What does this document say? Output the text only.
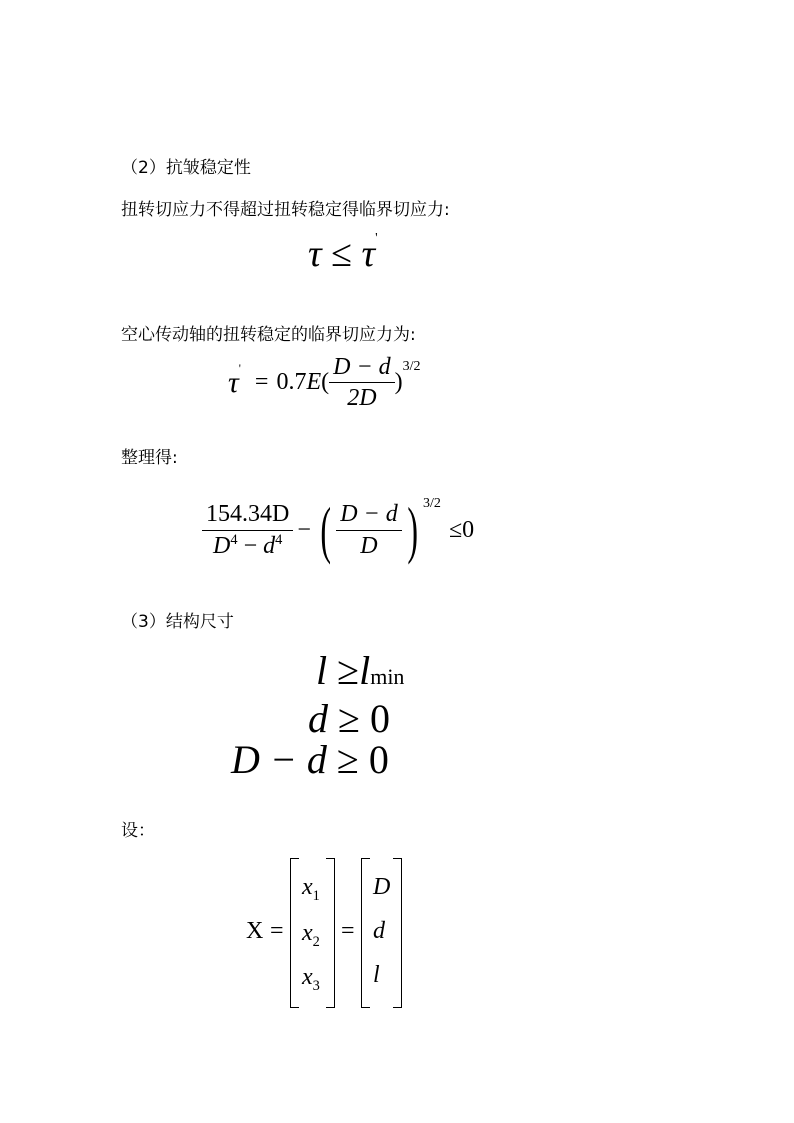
（2）抗皱稳定性
扭转切应力不得超过扭转稳定得临界切应力:
τ ≤ τ'
空心传动轴的扭转稳定的临界切应力为:
τ '
= 0.7 E ( $\frac{D - d}{2D}$ )
3/2
整理得:
$\frac{154.34D}{D^4 - d^4}$ − ( $\frac{D - d}{D}$ ) 3/2
≤ 0
（3）结构尺寸
l ≥lmin
d ≥ 0
D − d ≥ 0
设：
X =
$x_1$
$x_2$
$x_3$
=
D
d
l
